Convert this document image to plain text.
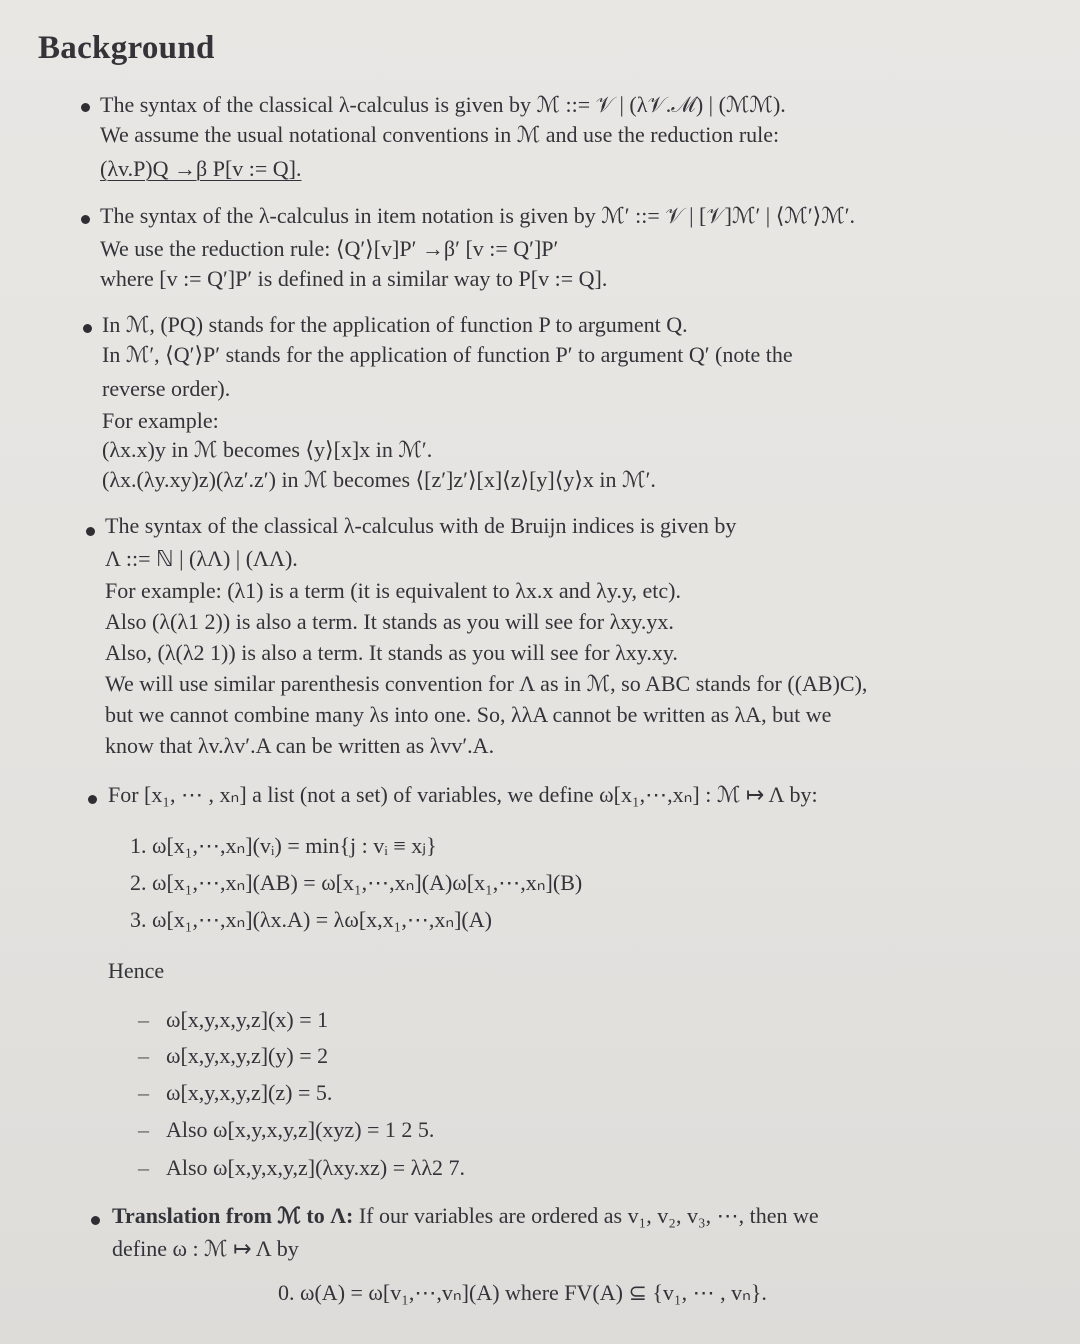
Background
The syntax of the classical λ-calculus is given by ℳ ::= 𝒱 | (λ𝒱.ℳ) | (ℳℳ).
We assume the usual notational conventions in ℳ and use the reduction rule:
(λv.P)Q →β P[v := Q].
The syntax of the λ-calculus in item notation is given by ℳ′ ::= 𝒱 | [𝒱]ℳ′ | ⟨ℳ′⟩ℳ′.
We use the reduction rule: ⟨Q′⟩[v]P′ →β′ [v := Q′]P′
where [v := Q′]P′ is defined in a similar way to P[v := Q].
In ℳ, (PQ) stands for the application of function P to argument Q.
In ℳ′, ⟨Q′⟩P′ stands for the application of function P′ to argument Q′ (note the
reverse order).
For example:
(λx.x)y in ℳ becomes ⟨y⟩[x]x in ℳ′.
(λx.(λy.xy)z)(λz′.z′) in ℳ becomes ⟨[z′]z′⟩[x]⟨z⟩[y]⟨y⟩x in ℳ′.
The syntax of the classical λ-calculus with de Bruijn indices is given by
Λ ::= ℕ | (λΛ) | (ΛΛ).
For example: (λ1) is a term (it is equivalent to λx.x and λy.y, etc).
Also (λ(λ1 2)) is also a term. It stands as you will see for λxy.yx.
Also, (λ(λ2 1)) is also a term. It stands as you will see for λxy.xy.
We will use similar parenthesis convention for Λ as in ℳ, so ABC stands for ((AB)C),
but we cannot combine many λs into one. So, λλA cannot be written as λA, but we
know that λv.λv′.A can be written as λvv′.A.
For [x₁, ⋯ , xₙ] a list (not a set) of variables, we define ω[x₁,⋯,xₙ] : ℳ ↦ Λ by:
1. ω[x₁,⋯,xₙ](vᵢ) = min{j : vᵢ ≡ xⱼ}
2. ω[x₁,⋯,xₙ](AB) = ω[x₁,⋯,xₙ](A)ω[x₁,⋯,xₙ](B)
3. ω[x₁,⋯,xₙ](λx.A) = λω[x,x₁,⋯,xₙ](A)
Hence
– ω[x,y,x,y,z](x) = 1
– ω[x,y,x,y,z](y) = 2
– ω[x,y,x,y,z](z) = 5.
– Also ω[x,y,x,y,z](xyz) = 1 2 5.
– Also ω[x,y,x,y,z](λxy.xz) = λλ2 7.
Translation from ℳ to Λ: If our variables are ordered as v₁, v₂, v₃, ⋯, then we
define ω : ℳ ↦ Λ by
0. ω(A) = ω[v₁,⋯,vₙ](A) where FV(A) ⊆ {v₁, ⋯ , vₙ}.
